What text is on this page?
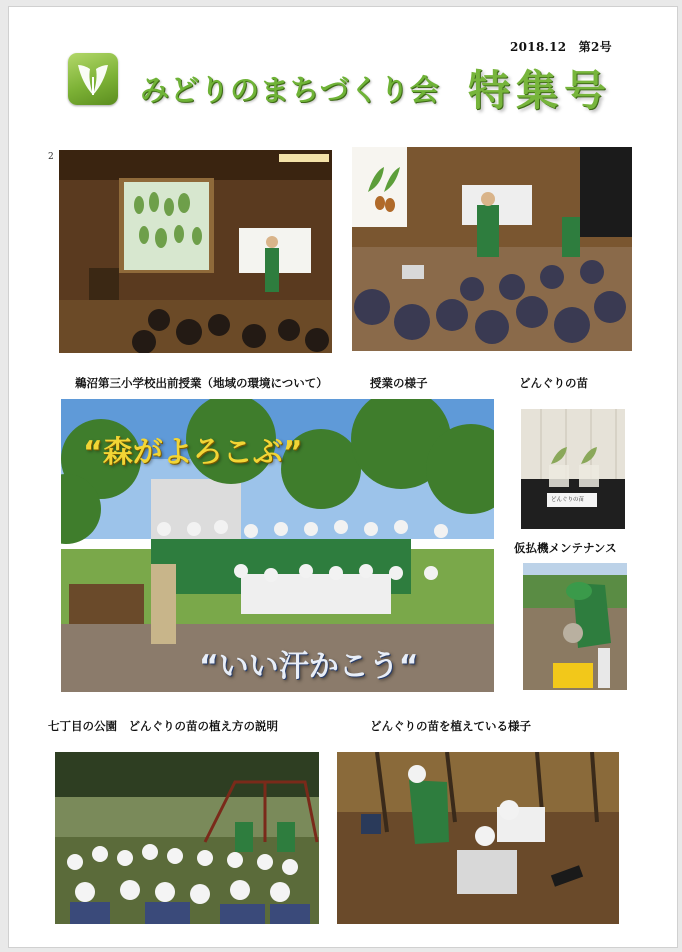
2018.12　第2号
みどりのまちづくり会 特集号
2
鵜沼第三小学校出前授業（地域の環境について）	授業の様子	どんぐりの苗
“森がよろこぶ”
“いい汗かこう“
どんぐりの苗
仮払機メンテナンス
七丁目の公園　どんぐりの苗の植え方の説明	どんぐりの苗を植えている様子
